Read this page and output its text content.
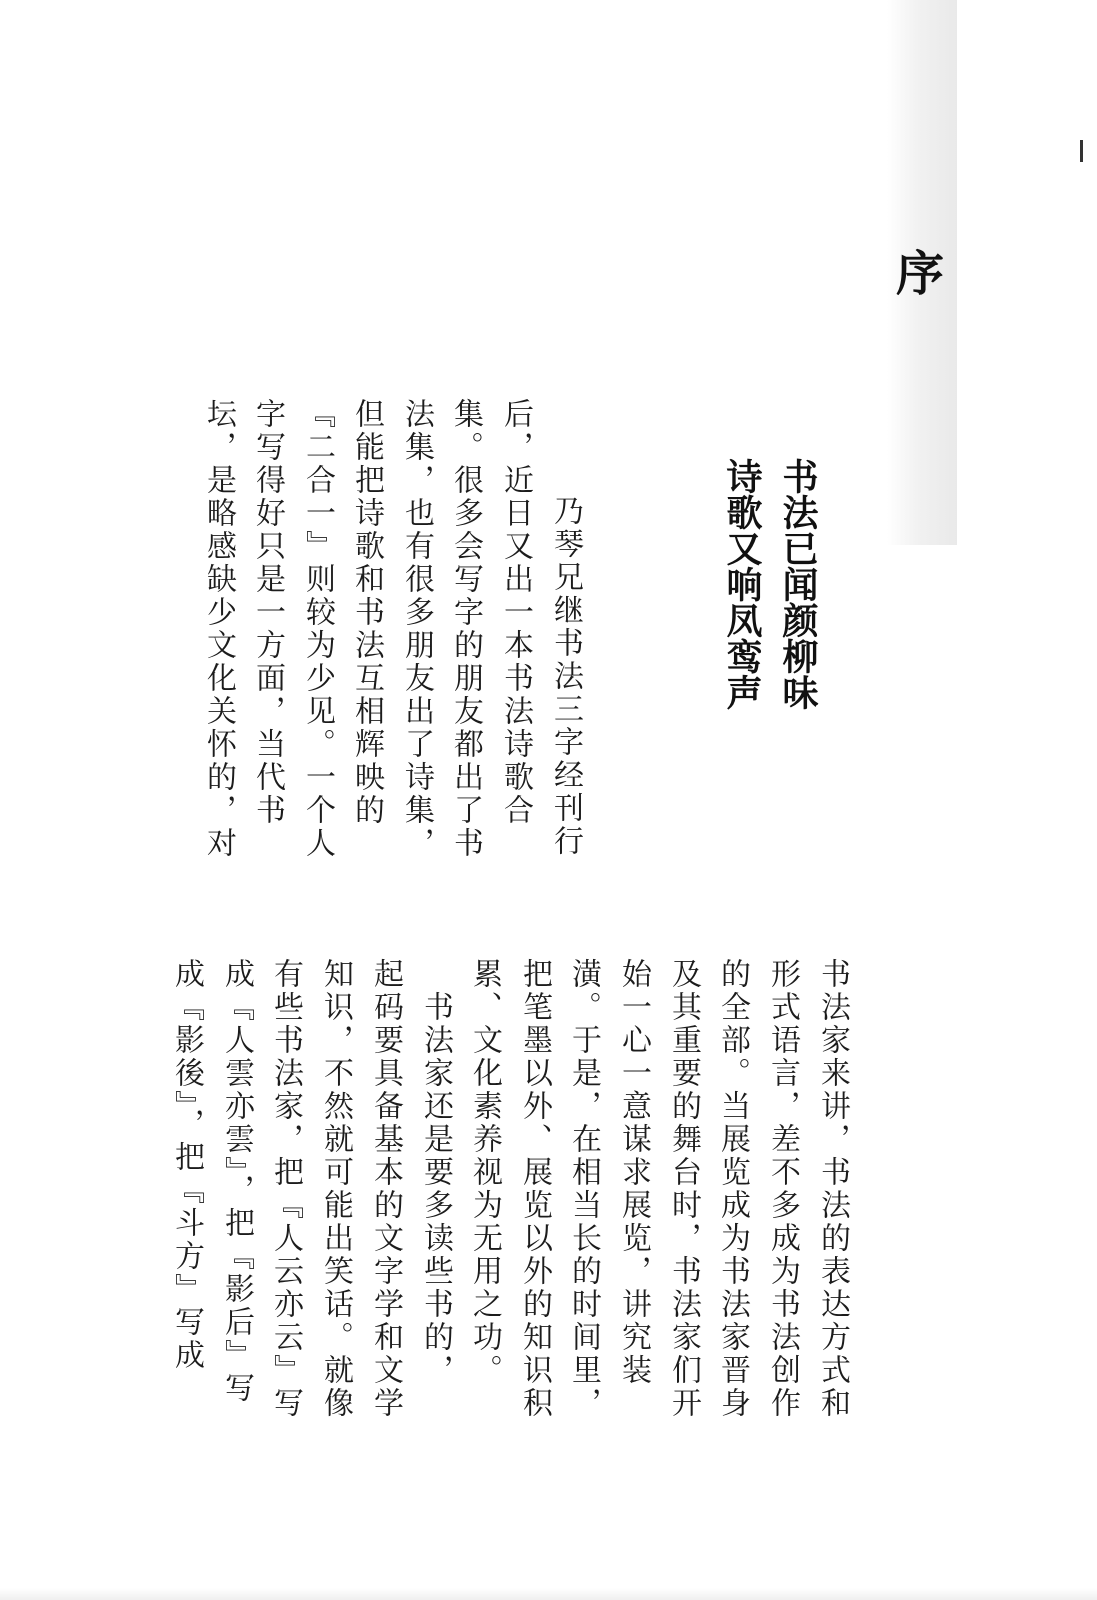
序
书法已闻颜柳味
诗歌又响凤鸾声
　乃琴兄继书法三字经刊行
后，近日又出一本书法诗歌合
集。很多会写字的朋友都出了书
法集，也有很多朋友出了诗集，
但能把诗歌和书法互相辉映的
『二合一』则较为少见。一个人
字写得好只是一方面，当代书
坛，是略感缺少文化关怀的，对
书法家来讲，书法的表达方式和
形式语言，差不多成为书法创作
的全部。当展览成为书法家晋身
及其重要的舞台时，书法家们开
始一心一意谋求展览，讲究装
潢。于是，在相当长的时间里，
把笔墨以外、展览以外的知识积
累、文化素养视为无用之功。
　书法家还是要多读些书的，
起码要具备基本的文字学和文学
知识，不然就可能出笑话。就像
有些书法家，把『人云亦云』写
成『人雲亦雲』，把『影后』写
成『影後』，把『斗方』写成
